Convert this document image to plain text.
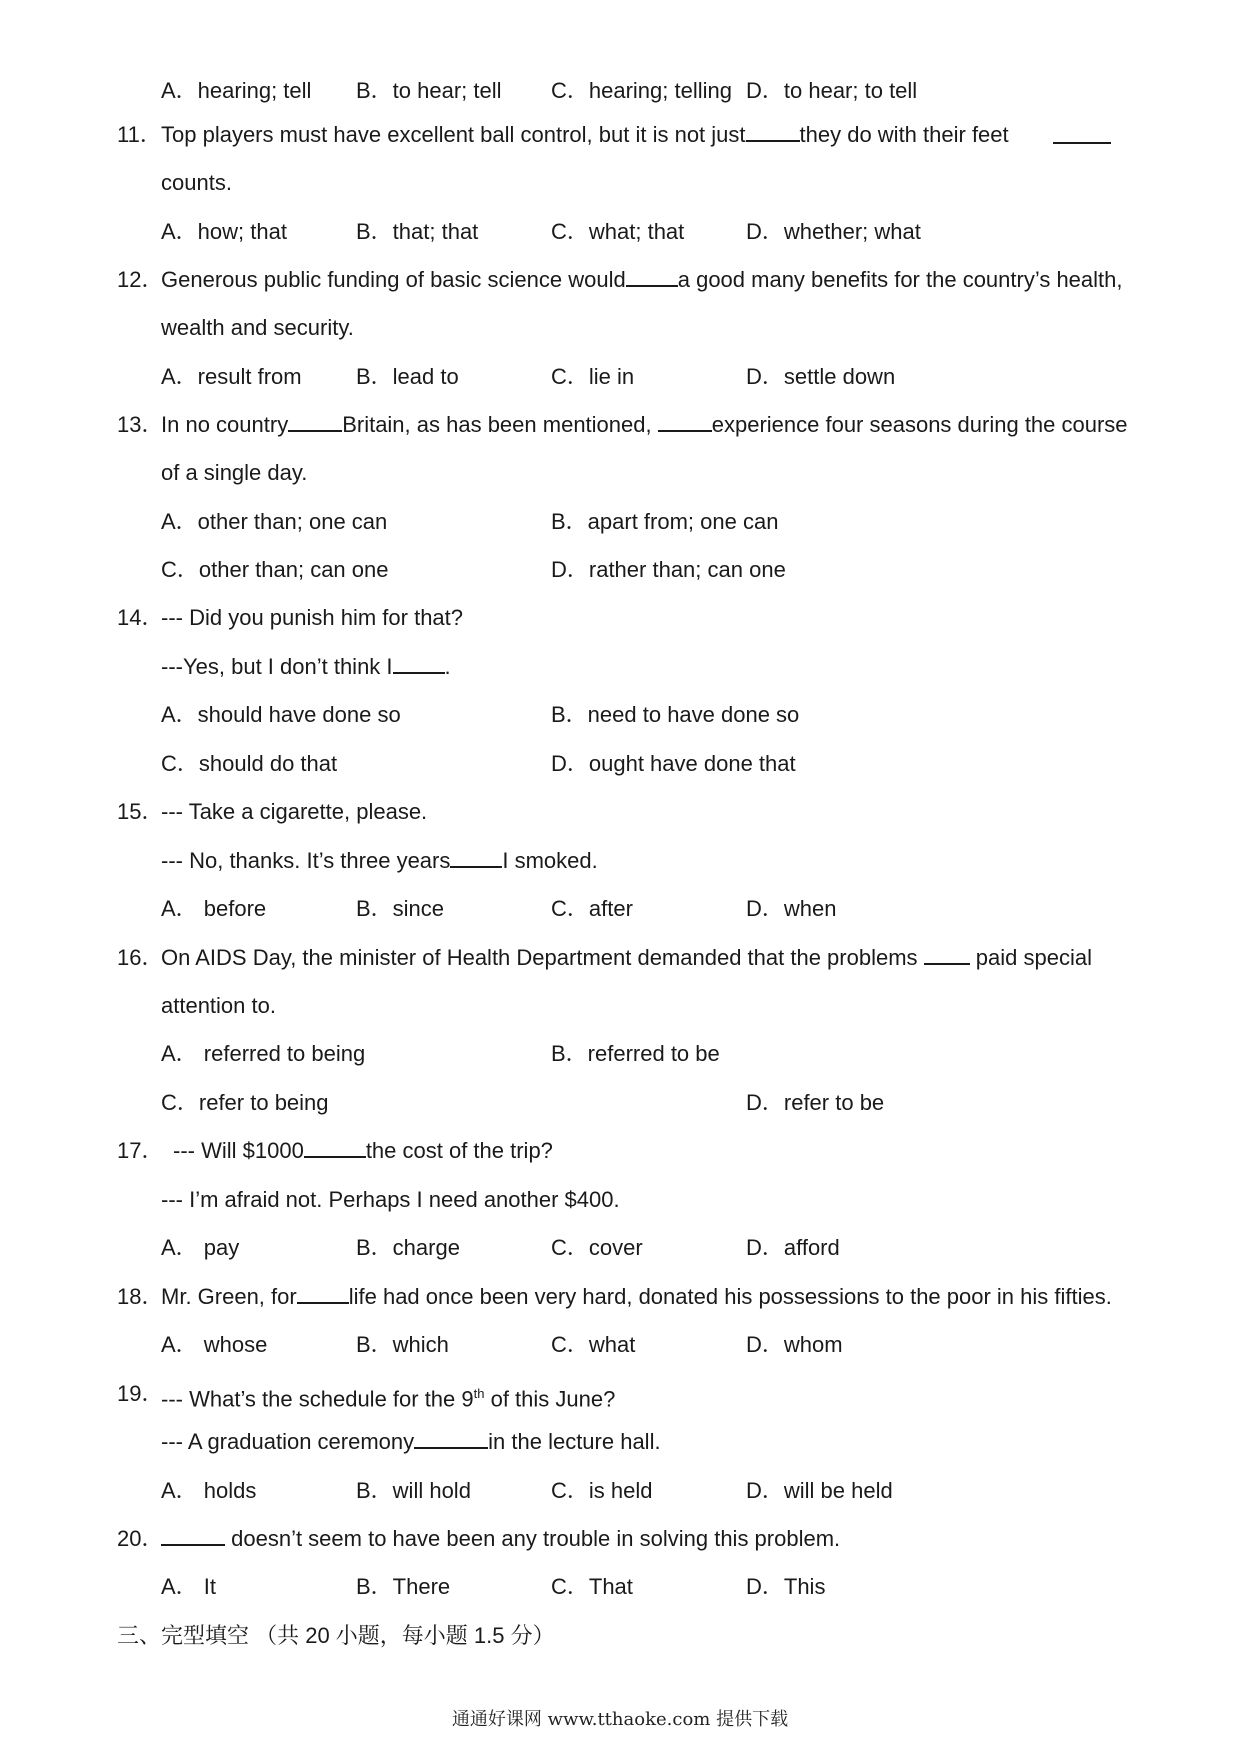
A．hearing; tell B．to hear; tell C．hearing; telling D．to hear; to tell
11． Top players must have excellent ball control, but it is not just they do with their feet
counts.
A．how; that	B．that; that	C．what; that	D．whether; what
12．
Generous public funding of basic science would a good many benefits for the country’s health,
wealth and security.
A．result from B．lead to	C．lie in	D．settle down
13．
In no country Britain, as has been mentioned,	experience four seasons during the course
of a single day.
A．other than; one can	B．apart from; one can
C．other than; can one	D．rather than; can one
14．
--- Did you punish him for that?
---Yes, but I don’t think I .
A．should have done so	B．need to have done so
C．should do that	D．ought have done that
15．
--- Take a cigarette, please.
--- No, thanks. It’s three years I smoked.
A． before	B．since	C．after	D．when
16．
On AIDS Day, the minister of Health Department demanded that the problems	paid special
attention to.
A． referred to being	B．referred to be
C．refer to being	D．refer to be
17． --- Will $1000	the cost of the trip?
--- I’m afraid not. Perhaps I need another $400.
A． pay	B．charge	C．cover	D．afford
18．
Mr. Green, for life had once been very hard, donated his possessions to the poor in his fifties.
A． whose	B．which	C．what	D．whom
19．
--- What’s the schedule for the 9th of this June?
--- A graduation ceremony	in the lecture hall.
A． holds	B．will hold	C．is held	D．will be held
20．	doesn’t seem to have been any trouble in solving this problem.
A． It	B．There	C．That	D．This
三、完型填空 （共 20 小题，每小题 1.5 分）
通通好课网 www.tthaoke.com 提供下载
